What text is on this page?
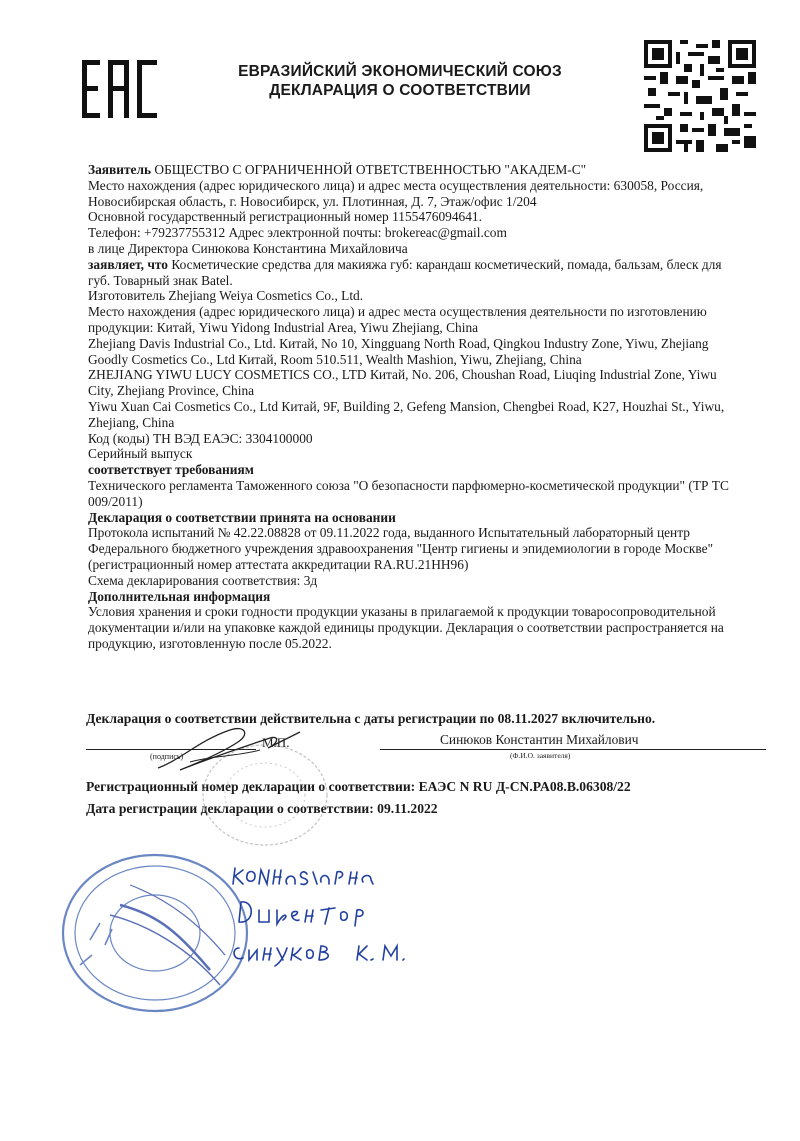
ЕВРАЗИЙСКИЙ ЭКОНОМИЧЕСКИЙ СОЮЗ
ДЕКЛАРАЦИЯ О СООТВЕТСТВИИ

Заявитель ОБЩЕСТВО С ОГРАНИЧЕННОЙ ОТВЕТСТВЕННОСТЬЮ "АКАДЕМ-С"

Место нахождения (адрес юридического лица) и адрес места осуществления деятельности: 630058, Россия, Новосибирская область, г. Новосибирск, ул. Плотинная, Д. 7, Этаж/офис 1/204

Основной государственный регистрационный номер 1155476094641.

Телефон: +79237755312 Адрес электронной почты: brokereac@gmail.com

в лице Директора Синюкова Константина Михайловича

заявляет, что Косметические средства для макияжа губ: карандаш косметический, помада, бальзам, блеск для губ. Товарный знак Batel.

Изготовитель Zhejiang Weiya Cosmetics Co., Ltd.

Место нахождения (адрес юридического лица) и адрес места осуществления деятельности по изготовлению продукции: Китай, Yiwu Yidong Industrial Area, Yiwu Zhejiang, China

Zhejiang Davis Industrial Co., Ltd. Китай, No 10, Xingguang North Road, Qingkou Industry Zone, Yiwu, Zhejiang

Goodly Cosmetics Co., Ltd Китай, Room 510.511, Wealth Mashion, Yiwu, Zhejiang, China

ZHEJIANG YIWU LUCY COSMETICS CO., LTD Китай, No. 206, Choushan Road, Liuqing Industrial Zone, Yiwu City, Zhejiang Province, China

Yiwu Xuan Cai Cosmetics Co., Ltd Китай, 9F, Building 2, Gefeng Mansion, Chengbei Road, K27, Houzhai St., Yiwu, Zhejiang, China

Код (коды) ТН ВЭД ЕАЭС: 3304100000

Серийный выпуск

соответствует требованиям

Технического регламента Таможенного союза "О безопасности парфюмерно-косметической продукции" (ТР ТС 009/2011)

Декларация о соответствии принята на основании

Протокола испытаний № 42.22.08828 от 09.11.2022 года, выданного Испытательный лабораторный центр Федерального бюджетного учреждения здравоохранения "Центр гигиены и эпидемиологии в городе Москве" (регистрационный номер аттестата аккредитации RA.RU.21НН96)

Схема декларирования соответствия: 3д

Дополнительная информация

Условия хранения и сроки годности продукции указаны в прилагаемой к продукции товаросопроводительной документации и/или на упаковке каждой единицы продукции. Декларация о соответствии распространяется на продукцию, изготовленную после 05.2022.

Декларация о соответствии действительна с даты регистрации по 08.11.2027 включительно.
М.П.	Синюков Константин Михайлович
(подпись)	(Ф.И.О. заявителя)
Регистрационный номер декларации о соответствии: ЕАЭС N RU Д-CN.PA08.B.06308/22
Дата регистрации декларации о соответствии: 09.11.2022
